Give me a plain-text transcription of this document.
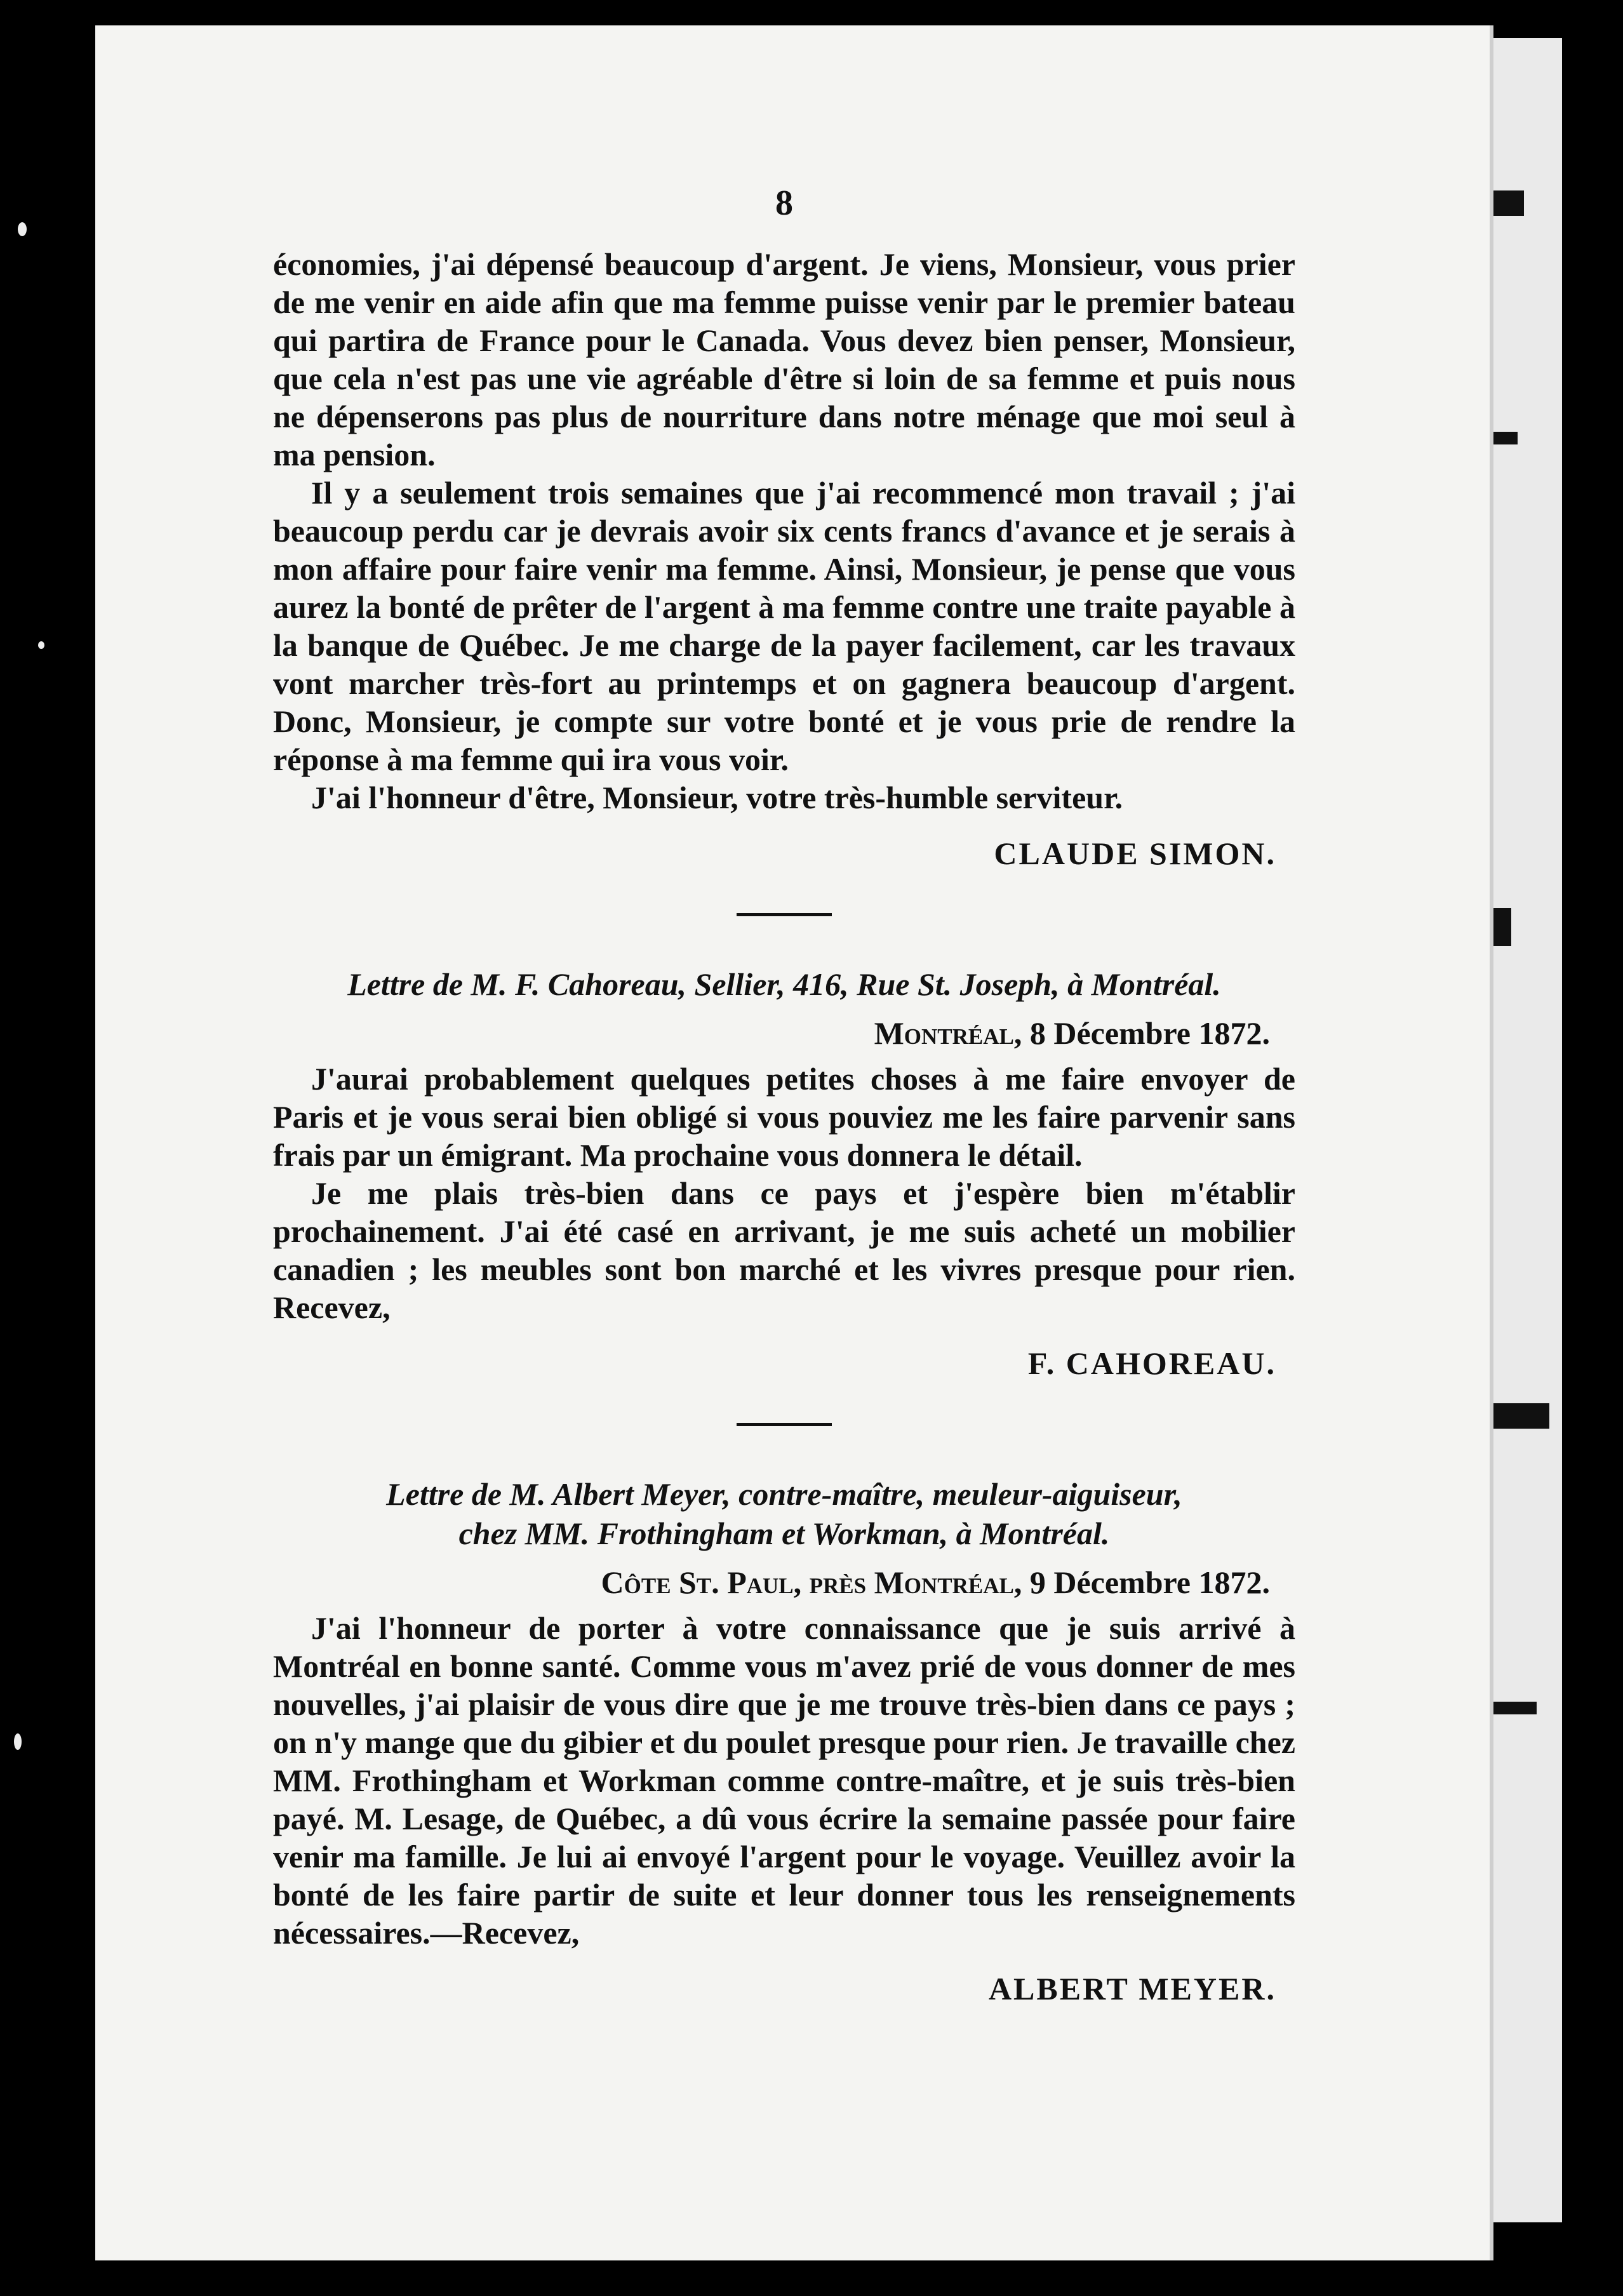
8

économies, j'ai dépensé beaucoup d'argent. Je viens, Monsieur, vous prier de me venir en aide afin que ma femme puisse venir par le premier bateau qui partira de France pour le Canada. Vous devez bien penser, Monsieur, que cela n'est pas une vie agréable d'être si loin de sa femme et puis nous ne dépenserons pas plus de nourriture dans notre ménage que moi seul à ma pension.

Il y a seulement trois semaines que j'ai recommencé mon travail ; j'ai beaucoup perdu car je devrais avoir six cents francs d'avance et je serais à mon affaire pour faire venir ma femme. Ainsi, Monsieur, je pense que vous aurez la bonté de prêter de l'argent à ma femme contre une traite payable à la banque de Québec. Je me charge de la payer facilement, car les travaux vont marcher très-fort au printemps et on gagnera beaucoup d'argent. Donc, Monsieur, je compte sur votre bonté et je vous prie de rendre la réponse à ma femme qui ira vous voir.

J'ai l'honneur d'être, Monsieur, votre très-humble serviteur.

CLAUDE SIMON.
Lettre de M. F. Cahoreau, Sellier, 416, Rue St. Joseph, à Montréal.
Montréal, 8 Décembre 1872.

J'aurai probablement quelques petites choses à me faire envoyer de Paris et je vous serai bien obligé si vous pouviez me les faire parvenir sans frais par un émigrant. Ma prochaine vous donnera le détail.

Je me plais très-bien dans ce pays et j'espère bien m'établir prochainement. J'ai été casé en arrivant, je me suis acheté un mobilier canadien ; les meubles sont bon marché et les vivres presque pour rien. Recevez,

F. CAHOREAU.
Lettre de M. Albert Meyer, contre-maître, meuleur-aiguiseur,
chez MM. Frothingham et Workman, à Montréal.
Côte St. Paul, près Montréal, 9 Décembre 1872.

J'ai l'honneur de porter à votre connaissance que je suis arrivé à Montréal en bonne santé. Comme vous m'avez prié de vous donner de mes nouvelles, j'ai plaisir de vous dire que je me trouve très-bien dans ce pays ; on n'y mange que du gibier et du poulet presque pour rien. Je travaille chez MM. Frothingham et Workman comme contre-maître, et je suis très-bien payé. M. Lesage, de Québec, a dû vous écrire la semaine passée pour faire venir ma famille. Je lui ai envoyé l'argent pour le voyage. Veuillez avoir la bonté de les faire partir de suite et leur donner tous les renseignements nécessaires.—Recevez,

ALBERT MEYER.
